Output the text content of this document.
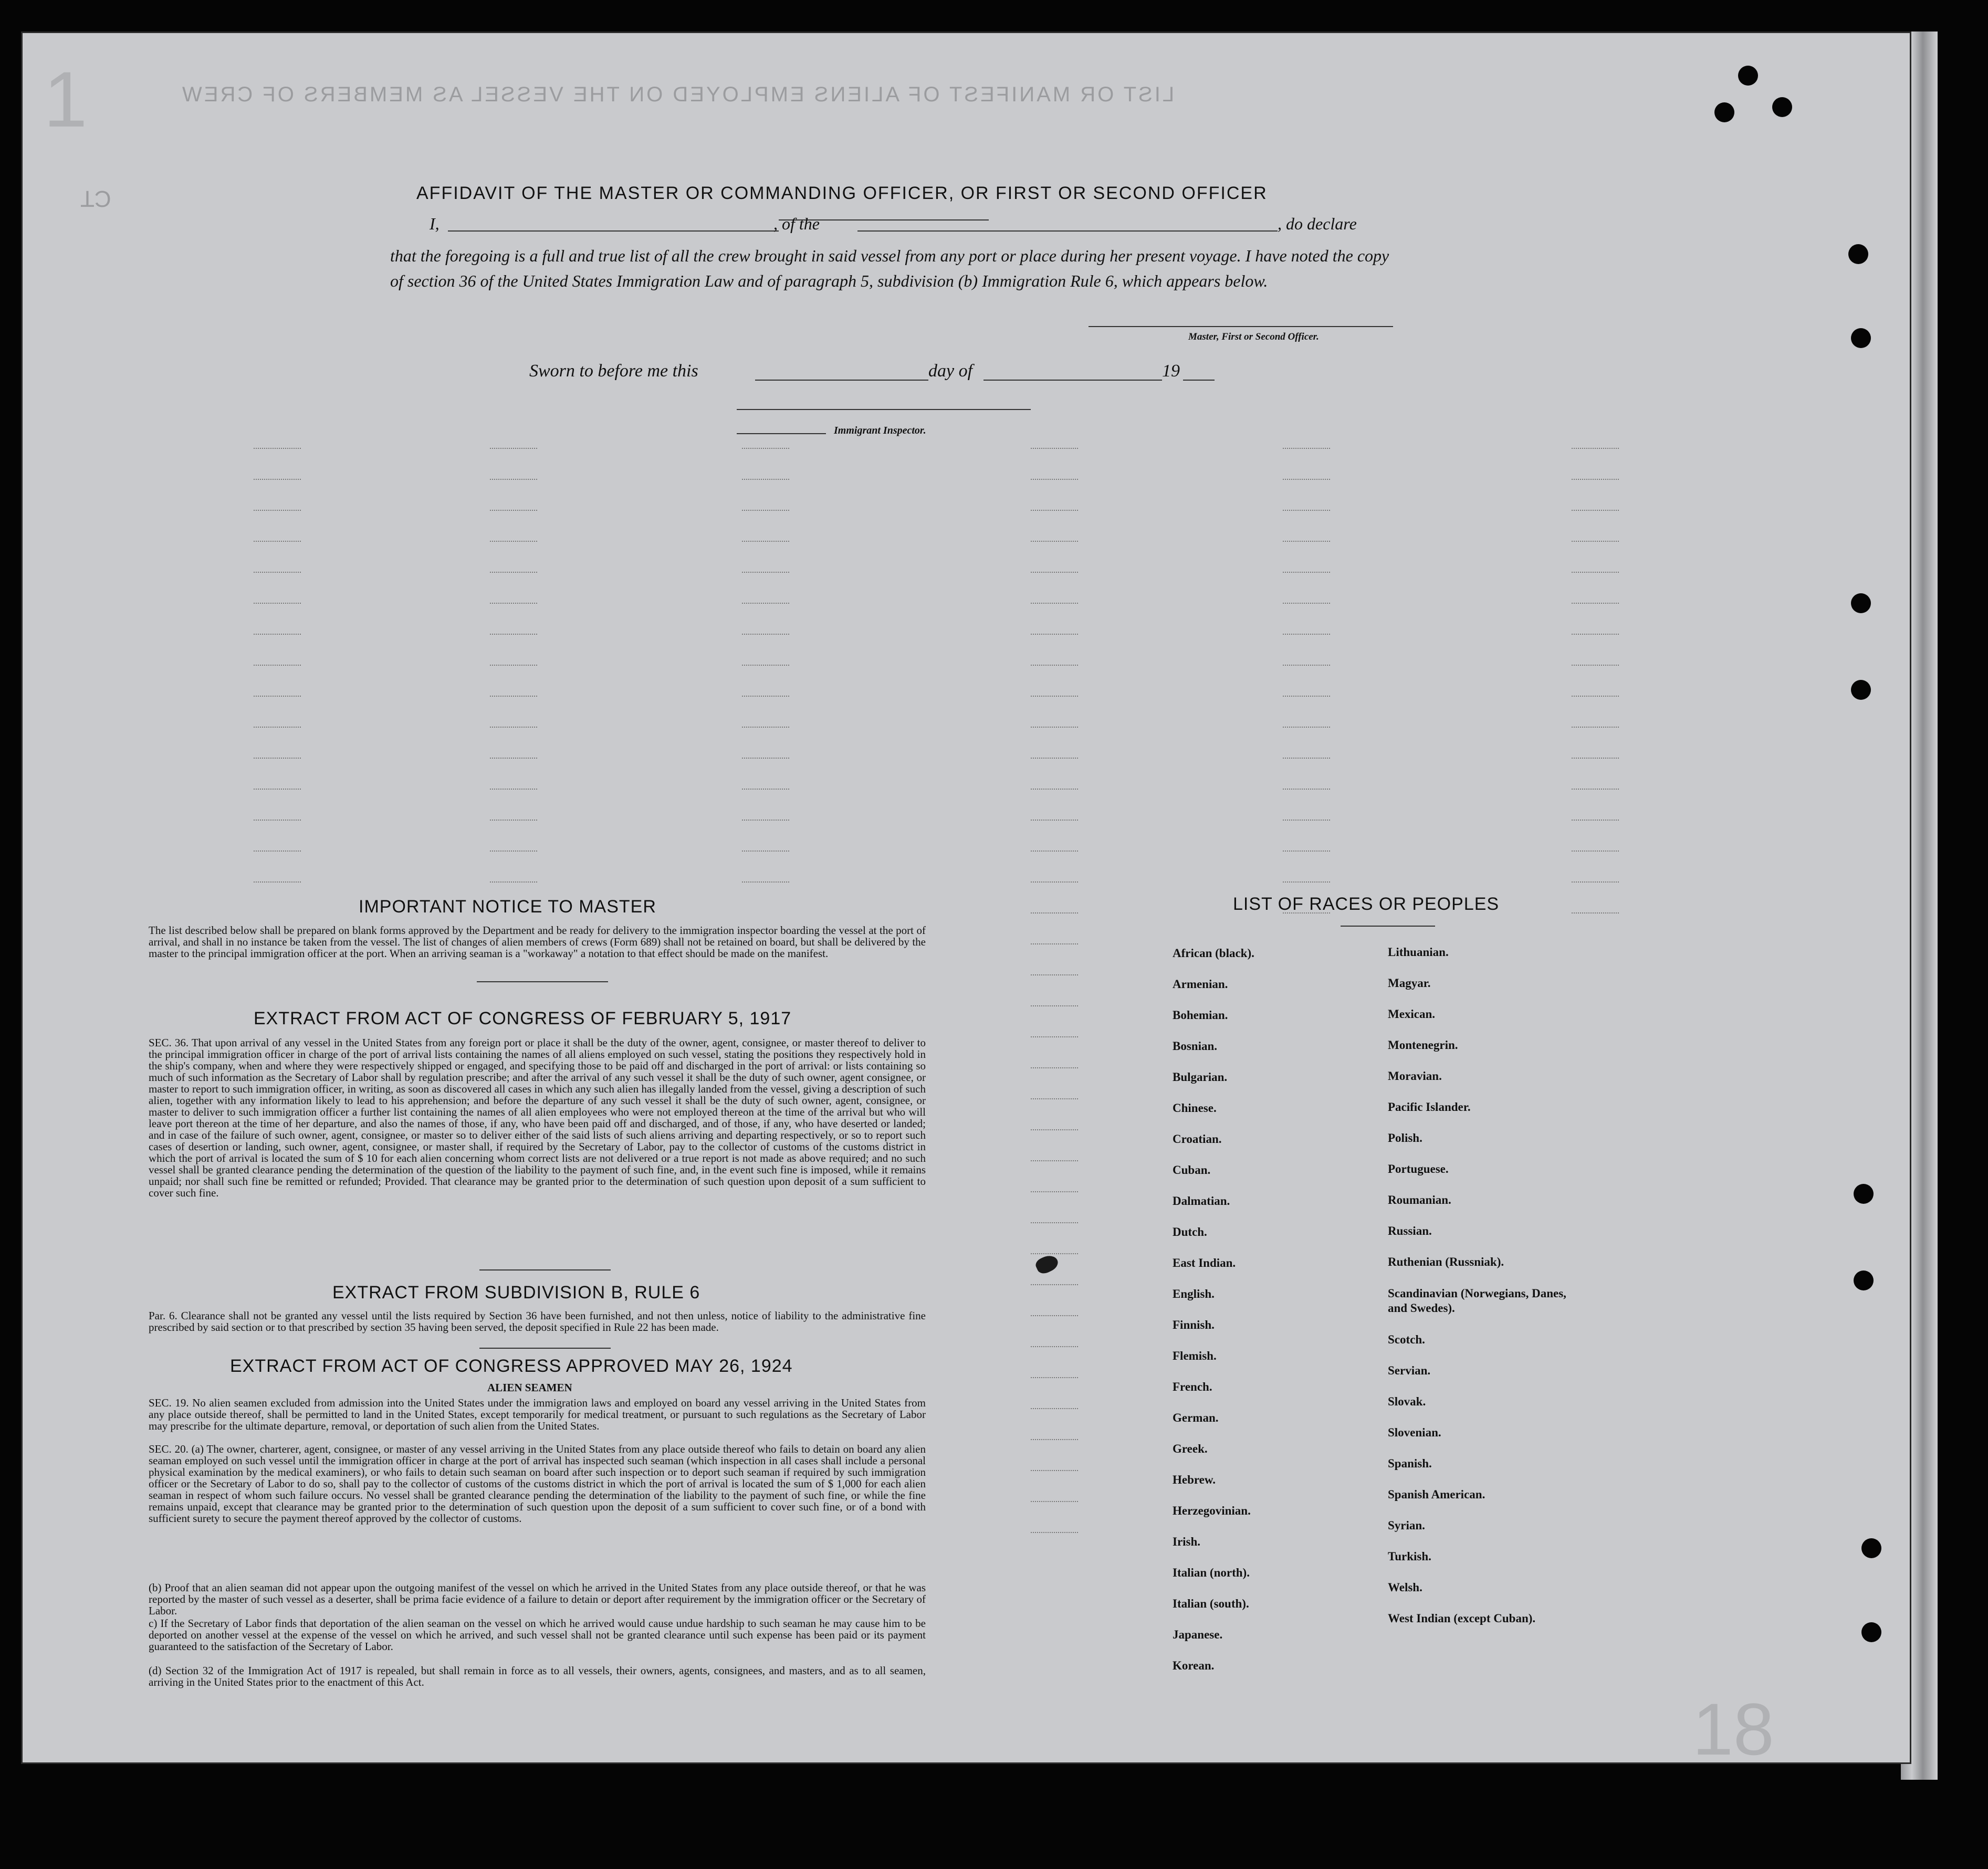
LIST OR MANIFEST OF ALIENS EMPLOYED ON THE VESSEL AS MEMBERS OF CREW
CT
1
18
AFFIDAVIT OF THE MASTER OR COMMANDING OFFICER, OR FIRST OR SECOND OFFICER
I,	, of the	, do declare
that the foregoing is a full and true list of all the crew brought in said vessel from any port or place during her present voyage. I have noted the copy of section 36 of the United States Immigration Law and of paragraph 5, subdivision (b) Immigration Rule 6, which appears below.
Master, First or Second Officer.
Sworn to before me this	day of	19
Immigrant Inspector.
IMPORTANT NOTICE TO MASTER
The list described below shall be prepared on blank forms approved by the Department and be ready for delivery to the immigration inspector boarding the vessel at the port of arrival, and shall in no instance be taken from the vessel. The list of changes of alien members of crews (Form 689) shall not be retained on board, but shall be delivered by the master to the principal immigration officer at the port. When an arriving seaman is a "workaway" a notation to that effect should be made on the manifest.
EXTRACT FROM ACT OF CONGRESS OF FEBRUARY 5, 1917
SEC. 36. That upon arrival of any vessel in the United States from any foreign port or place it shall be the duty of the owner, agent, consignee, or master thereof to deliver to the principal immigration officer in charge of the port of arrival lists containing the names of all aliens employed on such vessel, stating the positions they respectively hold in the ship's company, when and where they were respectively shipped or engaged, and specifying those to be paid off and discharged in the port of arrival: or lists containing so much of such information as the Secretary of Labor shall by regulation prescribe; and after the arrival of any such vessel it shall be the duty of such owner, agent consignee, or master to report to such immigration officer, in writing, as soon as discovered all cases in which any such alien has illegally landed from the vessel, giving a description of such alien, together with any information likely to lead to his apprehension; and before the departure of any such vessel it shall be the duty of such owner, agent, consignee, or master to deliver to such immigration officer a further list containing the names of all alien employees who were not employed thereon at the time of the arrival but who will leave port thereon at the time of her departure, and also the names of those, if any, who have been paid off and discharged, and of those, if any, who have deserted or landed; and in case of the failure of such owner, agent, consignee, or master so to deliver either of the said lists of such aliens arriving and departing respectively, or so to report such cases of desertion or landing, such owner, agent, consignee, or master shall, if required by the Secretary of Labor, pay to the collector of customs of the customs district in which the port of arrival is located the sum of $ 10 for each alien concerning whom correct lists are not delivered or a true report is not made as above required; and no such vessel shall be granted clearance pending the determination of the question of the liability to the payment of such fine, and, in the event such fine is imposed, while it remains unpaid; nor shall such fine be remitted or refunded; Provided. That clearance may be granted prior to the determination of such question upon deposit of a sum sufficient to cover such fine.
EXTRACT FROM SUBDIVISION B, RULE 6
Par. 6. Clearance shall not be granted any vessel until the lists required by Section 36 have been furnished, and not then unless, notice of liability to the administrative fine prescribed by said section or to that prescribed by section 35 having been served, the deposit specified in Rule 22 has been made.
EXTRACT FROM ACT OF CONGRESS APPROVED MAY 26, 1924
ALIEN SEAMEN
SEC. 19. No alien seamen excluded from admission into the United States under the immigration laws and employed on board any vessel arriving in the United States from any place outside thereof, shall be permitted to land in the United States, except temporarily for medical treatment, or pursuant to such regulations as the Secretary of Labor may prescribe for the ultimate departure, removal, or deportation of such alien from the United States.
SEC. 20. (a) The owner, charterer, agent, consignee, or master of any vessel arriving in the United States from any place outside thereof who fails to detain on board any alien seaman employed on such vessel until the immigration officer in charge at the port of arrival has inspected such seaman (which inspection in all cases shall include a personal physical examination by the medical examiners), or who fails to detain such seaman on board after such inspection or to deport such seaman if required by such immigration officer or the Secretary of Labor to do so, shall pay to the collector of customs of the customs district in which the port of arrival is located the sum of $ 1,000 for each alien seaman in respect of whom such failure occurs. No vessel shall be granted clearance pending the determination of the liability to the payment of such fine, or while the fine remains unpaid, except that clearance may be granted prior to the determination of such question upon the deposit of a sum sufficient to cover such fine, or of a bond with sufficient surety to secure the payment thereof approved by the collector of customs.
(b) Proof that an alien seaman did not appear upon the outgoing manifest of the vessel on which he arrived in the United States from any place outside thereof, or that he was reported by the master of such vessel as a deserter, shall be prima facie evidence of a failure to detain or deport after requirement by the immigration officer or the Secretary of Labor.
c) If the Secretary of Labor finds that deportation of the alien seaman on the vessel on which he arrived would cause undue hardship to such seaman he may cause him to be deported on another vessel at the expense of the vessel on which he arrived, and such vessel shall not be granted clearance until such expense has been paid or its payment guaranteed to the satisfaction of the Secretary of Labor.
(d) Section 32 of the Immigration Act of 1917 is repealed, but shall remain in force as to all vessels, their owners, agents, consignees, and masters, and as to all seamen, arriving in the United States prior to the enactment of this Act.
LIST OF RACES OR PEOPLES
African (black).
Armenian.
Bohemian.
Bosnian.
Bulgarian.
Chinese.
Croatian.
Cuban.
Dalmatian.
Dutch.
East Indian.
English.
Finnish.
Flemish.
French.
German.
Greek.
Hebrew.
Herzegovinian.
Irish.
Italian (north).
Italian (south).
Japanese.
Korean.
Lithuanian.
Magyar.
Mexican.
Montenegrin.
Moravian.
Pacific Islander.
Polish.
Portuguese.
Roumanian.
Russian.
Ruthenian (Russniak).
Scandinavian (Norwegians, Danes, and Swedes).
Scotch.
Servian.
Slovak.
Slovenian.
Spanish.
Spanish American.
Syrian.
Turkish.
Welsh.
West Indian (except Cuban).
